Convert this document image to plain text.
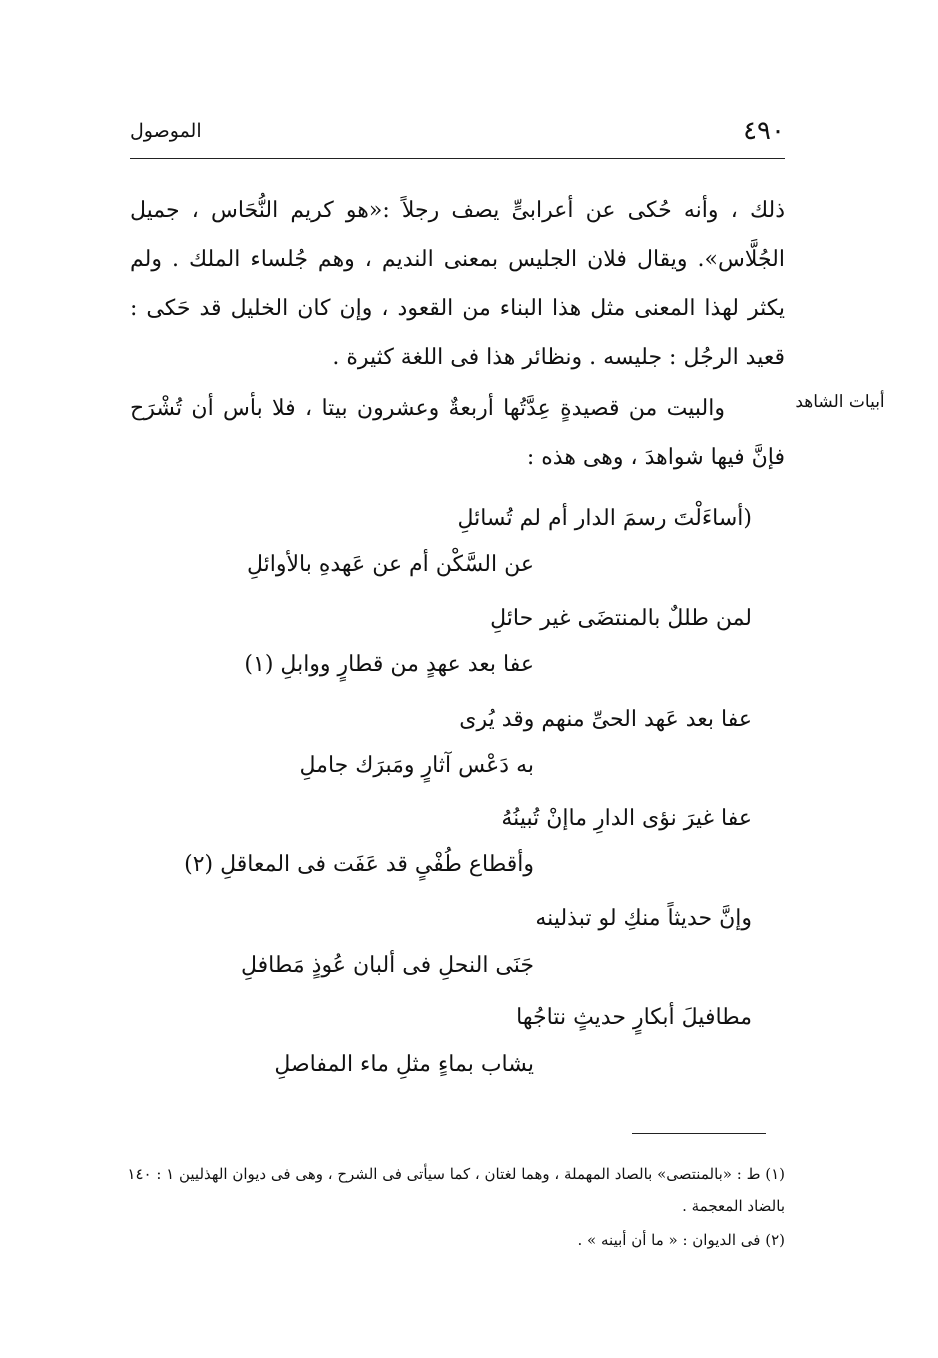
٤٩٠
الموصول
ذلك ، وأنه حُكى عن أعرابىٍّ يصف رجلاً :«هو كريم النُّحَاس ، جميل الجُلَّاس». ويقال فلان الجليس بمعنى النديم ، وهم جُلساء الملك . ولم يكثر لهذا المعنى مثل هذا البناء من القعود ، وإن كان الخليل قد حَكى : قعيد الرجُل : جليسه . ونظائر هذا فى اللغة كثيرة .
أبيات الشاهد
والبيت من قصيدةٍ عِدَّتُها أربعةٌ وعشرون بيتا ، فلا بأس أن تُشْرَح فإنَّ فيها شواهدَ ، وهى هذه :
(أساءَلْتَ رسمَ الدار أم لم تُسائلِ
عن السَّكْن أم عن عَهدهِ بالأوائلِ
لمن طللٌ بالمنتضَى غير حائلِ
عفا بعد عهدٍ من قطارٍ ووابلِ (١)
عفا بعد عَهد الحىِّ منهم وقد يُرى
به دَعْس آثارٍ ومَبرَك جاملِ
عفا غيرَ نؤى الدارِ ماإنْ تُبينُهُ
وأقطاع طُفْىٍ قد عَفَت فى المعاقلِ (٢)
وإنَّ حديثاً منكِ لو تبذلينه
جَنَى النحلِ فى ألبان عُوذٍ مَطافلِ
مطافيلَ أبكارٍ حديثٍ نتاجُها
يشاب بماءٍ مثلِ ماء المفاصلِ
(١) ط : «بالمنتصى» بالصاد المهملة ، وهما لغتان ، كما سيأتى فى الشرح ، وهى فى ديوان الهذليين ١ : ١٤٠ بالضاد المعجمة .
(٢) فى الديوان : « ما أن أبينه » .
